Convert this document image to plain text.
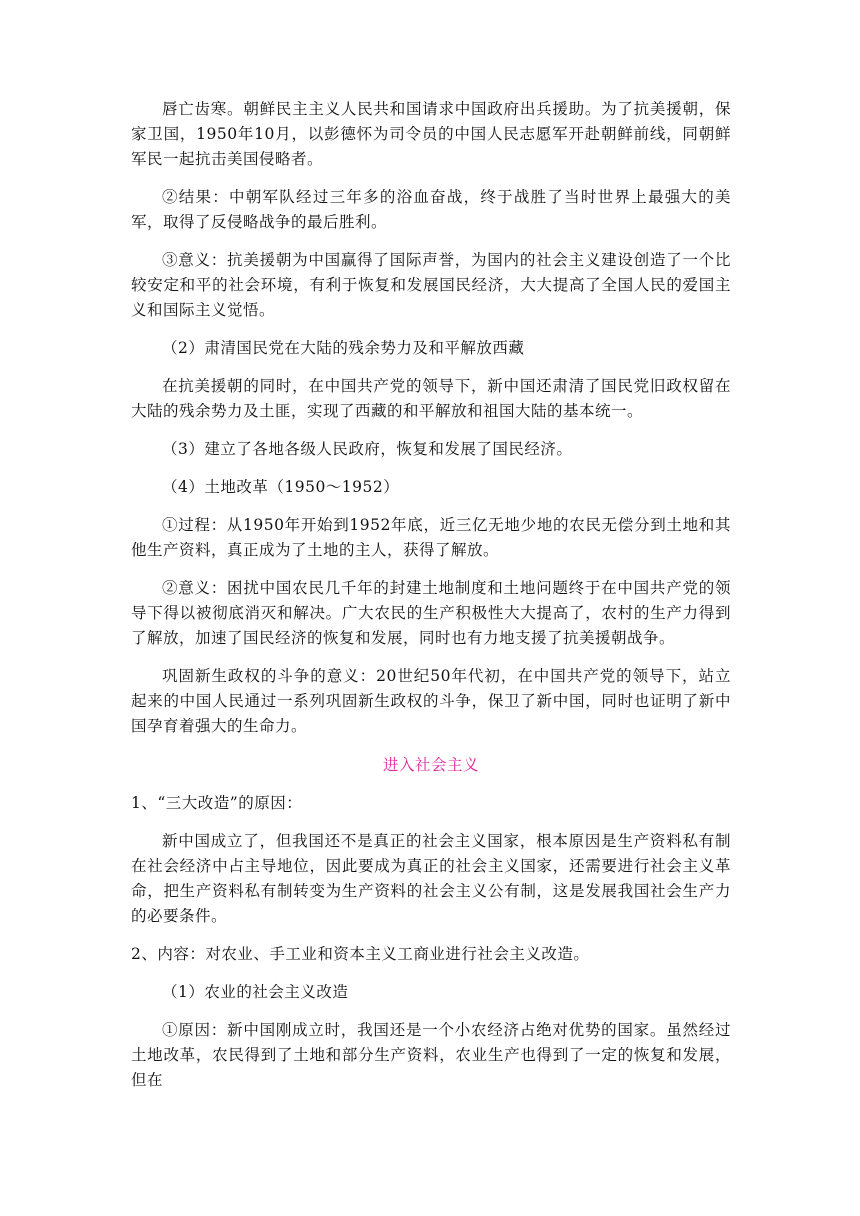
唇亡齿寒。朝鲜民主主义人民共和国请求中国政府出兵援助。为了抗美援朝，保家卫国，1950年10月，以彭德怀为司令员的中国人民志愿军开赴朝鲜前线，同朝鲜军民一起抗击美国侵略者。

②结果：中朝军队经过三年多的浴血奋战，终于战胜了当时世界上最强大的美军，取得了反侵略战争的最后胜利。

③意义：抗美援朝为中国赢得了国际声誉，为国内的社会主义建设创造了一个比较安定和平的社会环境，有利于恢复和发展国民经济，大大提高了全国人民的爱国主义和国际主义觉悟。

（2）肃清国民党在大陆的残余势力及和平解放西藏

在抗美援朝的同时，在中国共产党的领导下，新中国还肃清了国民党旧政权留在大陆的残余势力及土匪，实现了西藏的和平解放和祖国大陆的基本统一。

（3）建立了各地各级人民政府，恢复和发展了国民经济。

（4）土地改革（1950～1952）

①过程：从1950年开始到1952年底，近三亿无地少地的农民无偿分到土地和其他生产资料，真正成为了土地的主人，获得了解放。

②意义：困扰中国农民几千年的封建土地制度和土地问题终于在中国共产党的领导下得以被彻底消灭和解决。广大农民的生产积极性大大提高了，农村的生产力得到了解放，加速了国民经济的恢复和发展，同时也有力地支援了抗美援朝战争。

巩固新生政权的斗争的意义：20世纪50年代初，在中国共产党的领导下，站立起来的中国人民通过一系列巩固新生政权的斗争，保卫了新中国，同时也证明了新中国孕育着强大的生命力。

进入社会主义

1、“三大改造”的原因：

新中国成立了，但我国还不是真正的社会主义国家，根本原因是生产资料私有制在社会经济中占主导地位，因此要成为真正的社会主义国家，还需要进行社会主义革命，把生产资料私有制转变为生产资料的社会主义公有制，这是发展我国社会生产力的必要条件。

2、内容：对农业、手工业和资本主义工商业进行社会主义改造。

（1）农业的社会主义改造

①原因：新中国刚成立时，我国还是一个小农经济占绝对优势的国家。虽然经过土地改革，农民得到了土地和部分生产资料，农业生产也得到了一定的恢复和发展，但在
